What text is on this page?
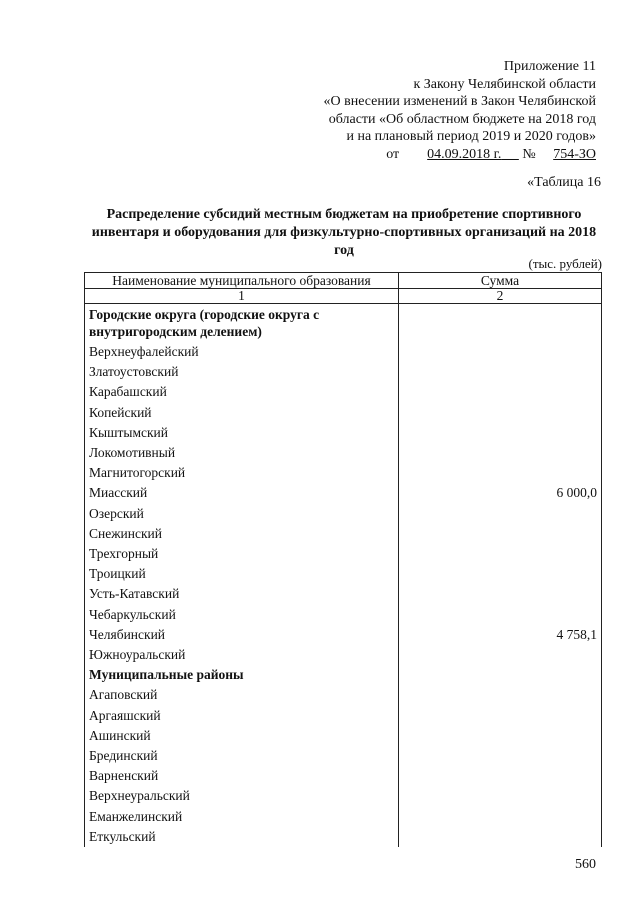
Приложение 11
к Закону Челябинской области
«О внесении изменений в Закон Челябинской
области «Об областном бюджете на 2018 год
и на плановый период 2019 и 2020 годов»
от 04.09.2018 г. № 754-ЗО
«Таблица 16
Распределение субсидий местным бюджетам на приобретение спортивного инвентаря и оборудования для физкультурно-спортивных организаций на 2018 год
(тыс. рублей)
Наименование муниципального образования	Сумма
1	2
Городские округа (городские округа с внутригородским делением)	
Верхнеуфалейский	
Златоустовский	
Карабашский	
Копейский	
Кыштымский	
Локомотивный	
Магнитогорский	
Миасский	6 000,0
Озерский	
Снежинский	
Трехгорный	
Троицкий	
Усть-Катавский	
Чебаркульский	
Челябинский	4 758,1
Южноуральский	
Муниципальные районы	
Агаповский	
Аргаяшский	
Ашинский	
Брединский	
Варненский	
Верхнеуральский	
Еманжелинский	
Еткульский	
560
